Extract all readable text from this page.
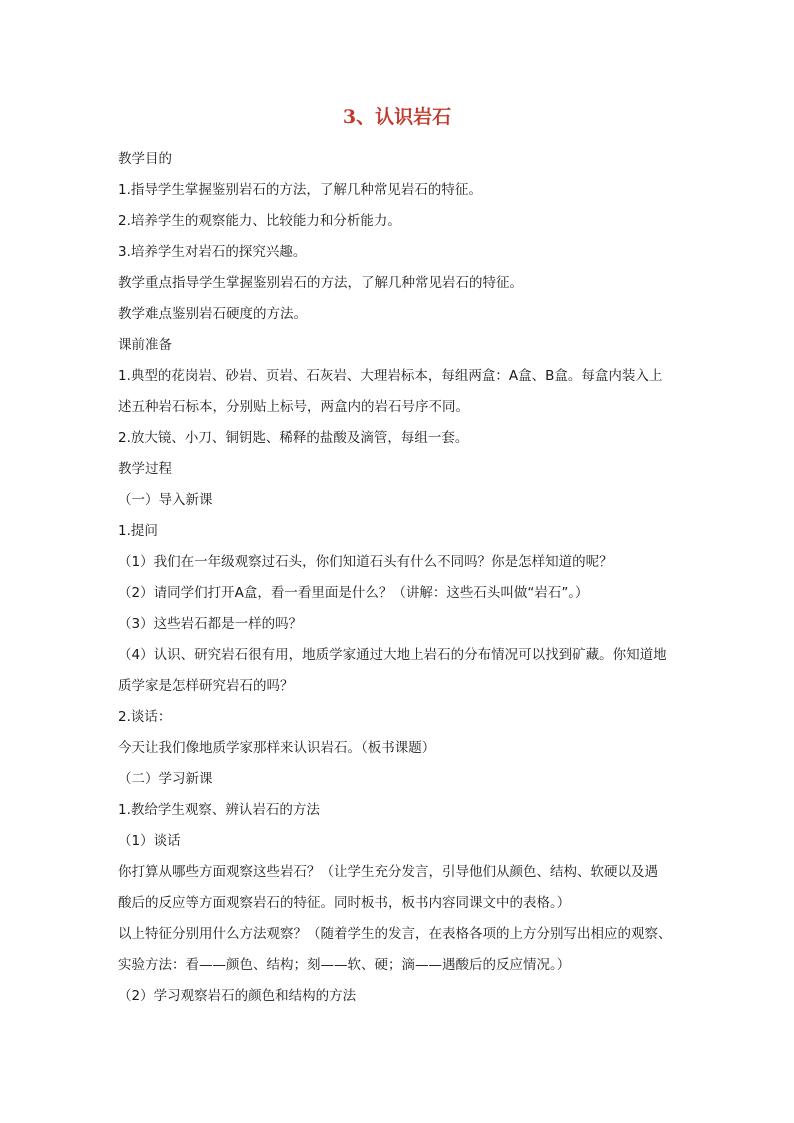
3、认识岩石
教学目的
1.指导学生掌握鉴别岩石的方法，了解几种常见岩石的特征。
2.培养学生的观察能力、比较能力和分析能力。
3.培养学生对岩石的探究兴趣。
教学重点指导学生掌握鉴别岩石的方法，了解几种常见岩石的特征。
教学难点鉴别岩石硬度的方法。
课前准备
1.典型的花岗岩、砂岩、页岩、石灰岩、大理岩标本，每组两盒：A盒、B盒。每盒内装入上
述五种岩石标本，分别贴上标号，两盒内的岩石号序不同。
2.放大镜、小刀、铜钥匙、稀释的盐酸及滴管，每组一套。
教学过程
（一）导入新课
1.提问
（1）我们在一年级观察过石头，你们知道石头有什么不同吗？你是怎样知道的呢？
（2）请同学们打开A盒，看一看里面是什么？（讲解：这些石头叫做“岩石”。）
（3）这些岩石都是一样的吗？
（4）认识、研究岩石很有用，地质学家通过大地上岩石的分布情况可以找到矿藏。你知道地
质学家是怎样研究岩石的吗？
2.谈话：
今天让我们像地质学家那样来认识岩石。（板书课题）
（二）学习新课
1.教给学生观察、辨认岩石的方法
（1）谈话
你打算从哪些方面观察这些岩石？（让学生充分发言，引导他们从颜色、结构、软硬以及遇
酸后的反应等方面观察岩石的特征。同时板书，板书内容同课文中的表格。）
以上特征分别用什么方法观察？（随着学生的发言，在表格各项的上方分别写出相应的观察、
实验方法：看——颜色、结构；刻——软、硬；滴——遇酸后的反应情况。）
（2）学习观察岩石的颜色和结构的方法
